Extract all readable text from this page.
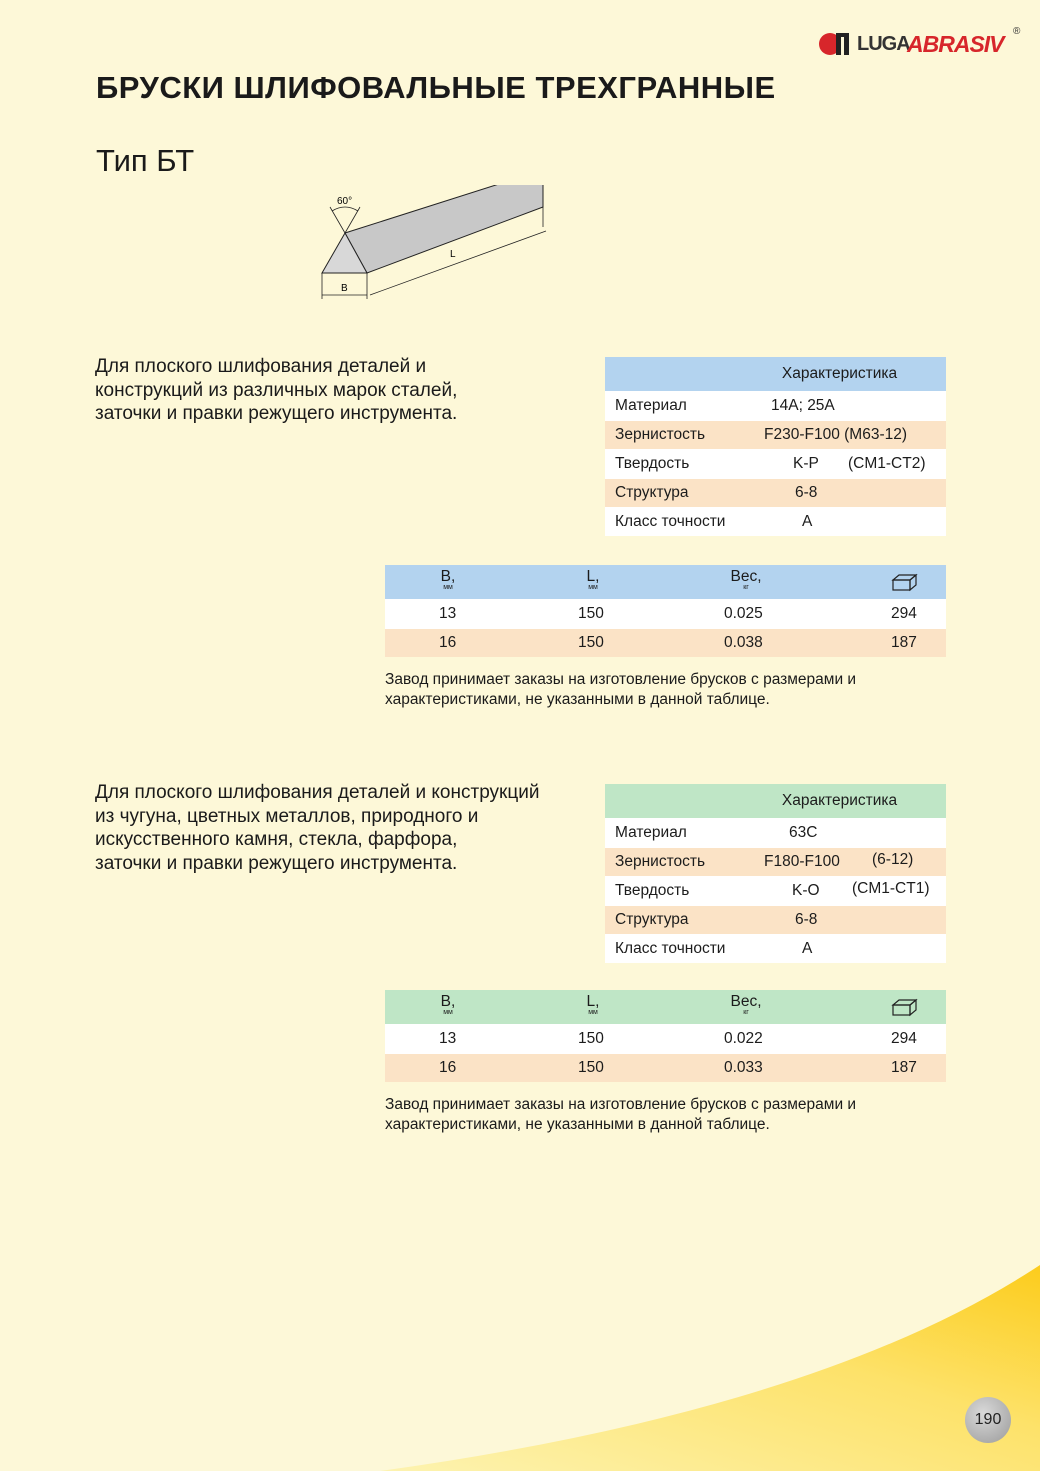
LUGA
ABRASIV ®
БРУСКИ ШЛИФОВАЛЬНЫЕ ТРЕХГРАННЫЕ
Тип БТ
60°
B
L
Для плоского шлифования деталей и
конструкций из различных марок сталей,
заточки и правки режущего инструмента.
Характеристика
Материал	14А; 25А
Зернистость	F230-F100 (M63-12)
Твердость	K-P (CM1-CT2)
Структура	6-8
Класс точности	A
B,
мм
L,
мм
Вес,
кг
13	150	0.025	294
16	150	0.038	187
Завод принимает заказы на изготовление брусков с размерами и
характеристиками, не указанными в данной таблице.
Для плоского шлифования деталей и конструкций
из чугуна, цветных металлов, природного и
искусственного камня, стекла, фарфора,
заточки и правки режущего инструмента.
Характеристика
Материал	63С
Зернистость	F180-F100 (6-12)
Твердость	K-O (CM1-CT1)
Структура	6-8
Класс точности	A
B,
мм
L,
мм
Вес,
кг
13	150	0.022	294
16	150	0.033	187
Завод принимает заказы на изготовление брусков с размерами и
характеристиками, не указанными в данной таблице.
190
